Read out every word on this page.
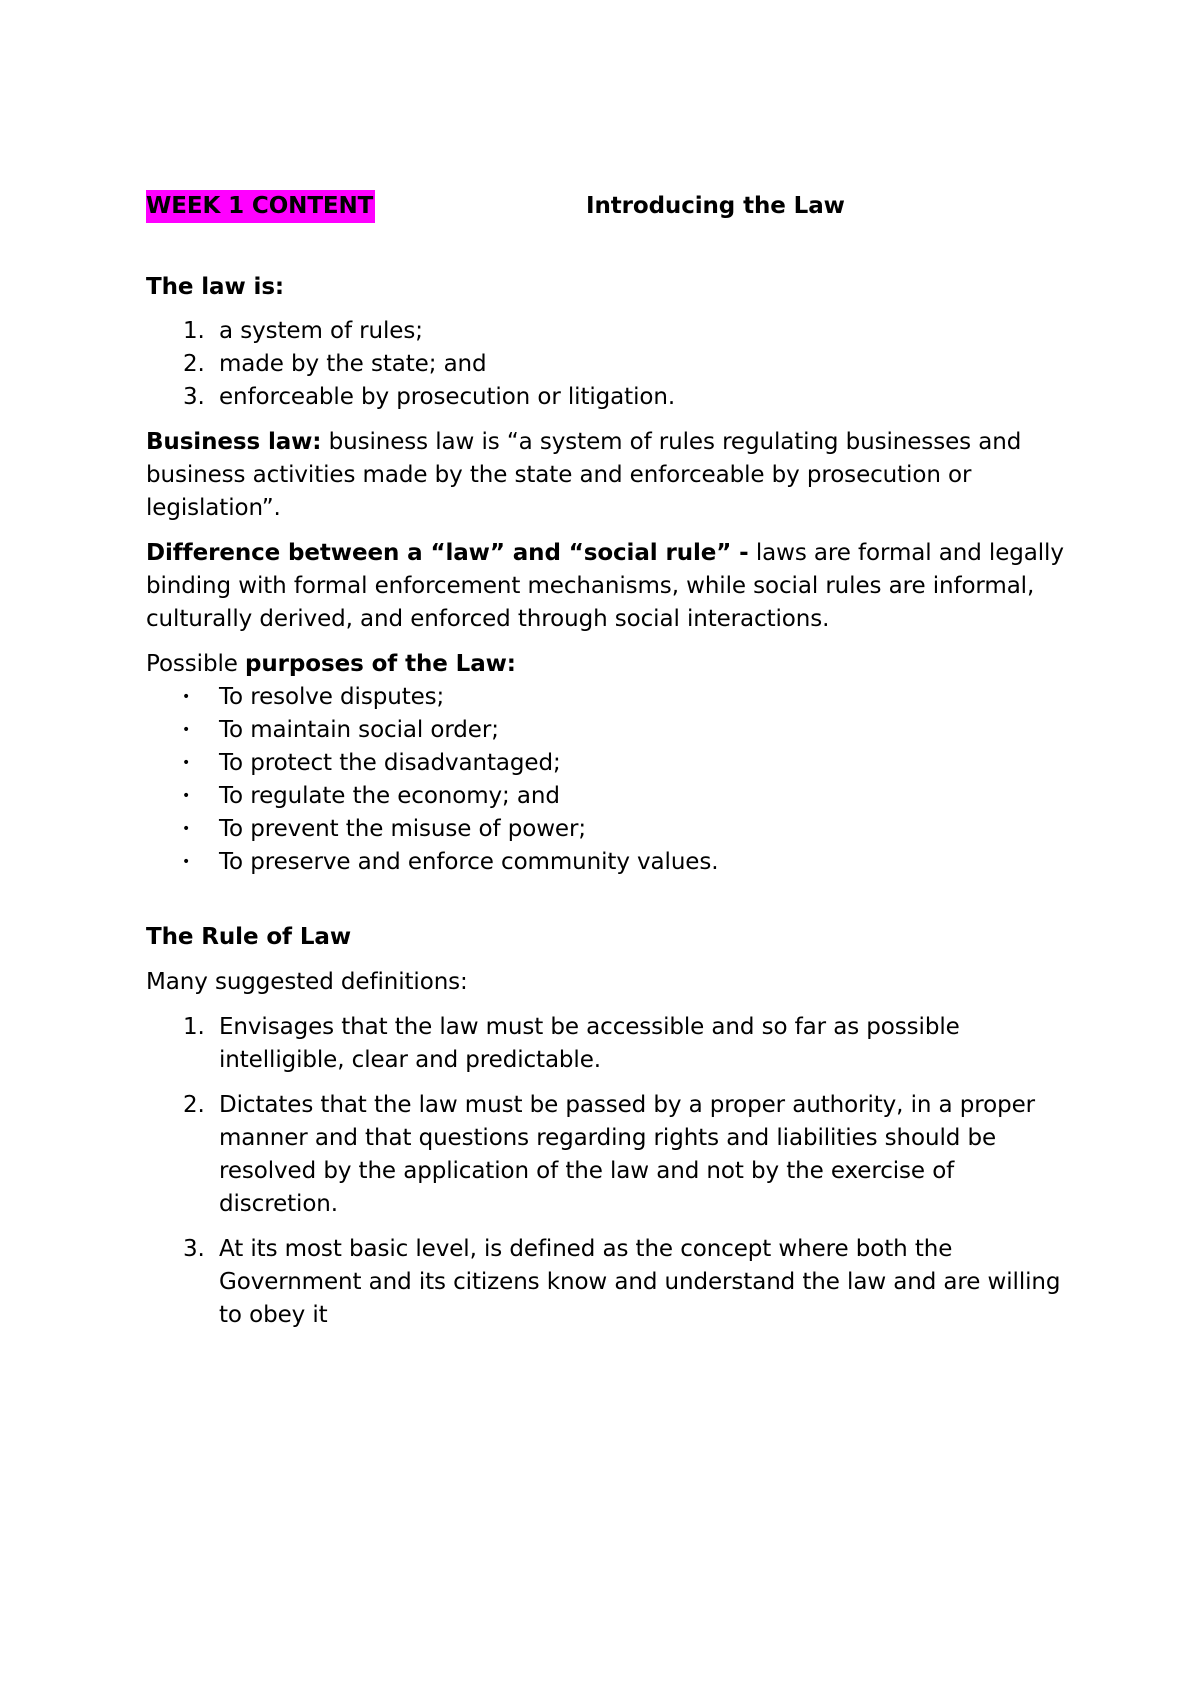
WEEK 1 CONTENT	Introducing the Law

The law is:

1. a system of rules;
2. made by the state; and
3. enforceable by prosecution or litigation.

Business law: business law is “a system of rules regulating businesses and business activities made by the state and enforceable by prosecution or legislation”.

Difference between a “law” and “social rule” - laws are formal and legally binding with formal enforcement mechanisms, while social rules are informal, culturally derived, and enforced through social interactions.

Possible purposes of the Law:

• To resolve disputes;
• To maintain social order;
• To protect the disadvantaged;
• To regulate the economy; and
• To prevent the misuse of power;
• To preserve and enforce community values.

The Rule of Law

Many suggested definitions:

1. Envisages that the law must be accessible and so far as possible intelligible, clear and predictable.
2. Dictates that the law must be passed by a proper authority, in a proper manner and that questions regarding rights and liabilities should be resolved by the application of the law and not by the exercise of discretion.
3. At its most basic level, is defined as the concept where both the Government and its citizens know and understand the law and are willing to obey it
